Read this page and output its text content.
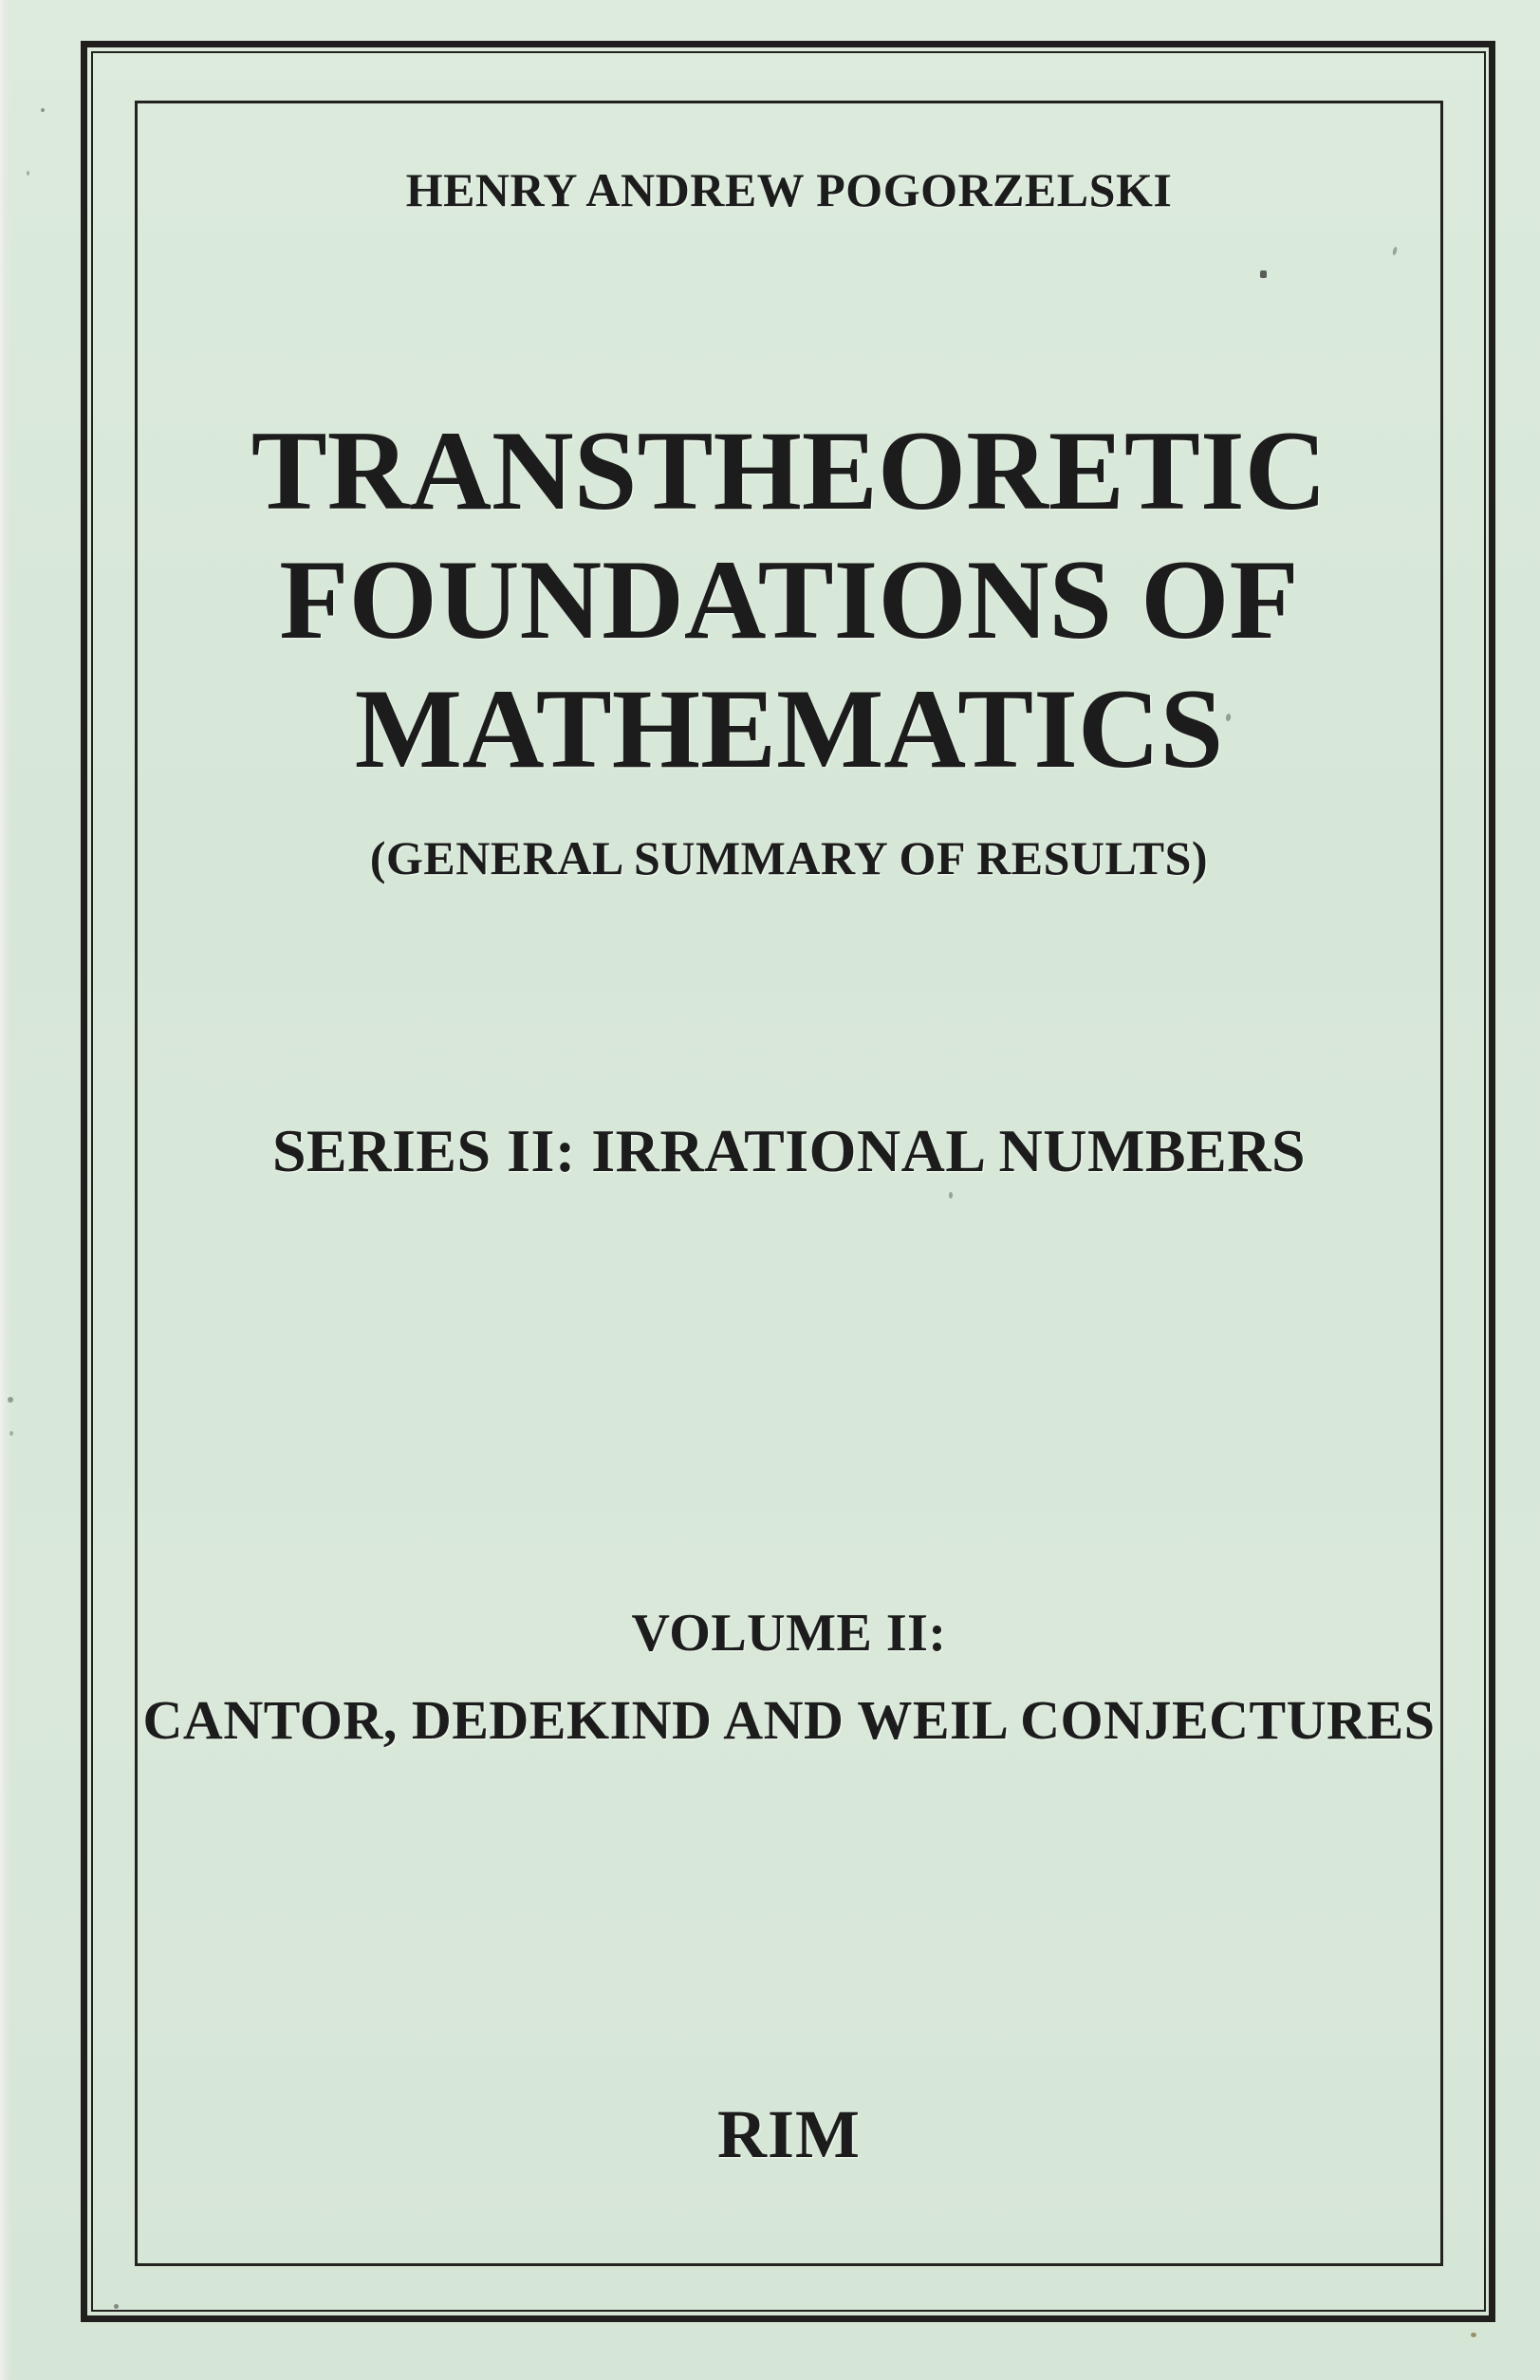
HENRY ANDREW POGORZELSKI
TRANSTHEORETIC
FOUNDATIONS OF
MATHEMATICS
(GENERAL SUMMARY OF RESULTS)
SERIES II: IRRATIONAL NUMBERS
VOLUME II:
CANTOR, DEDEKIND AND WEIL CONJECTURES
RIM
